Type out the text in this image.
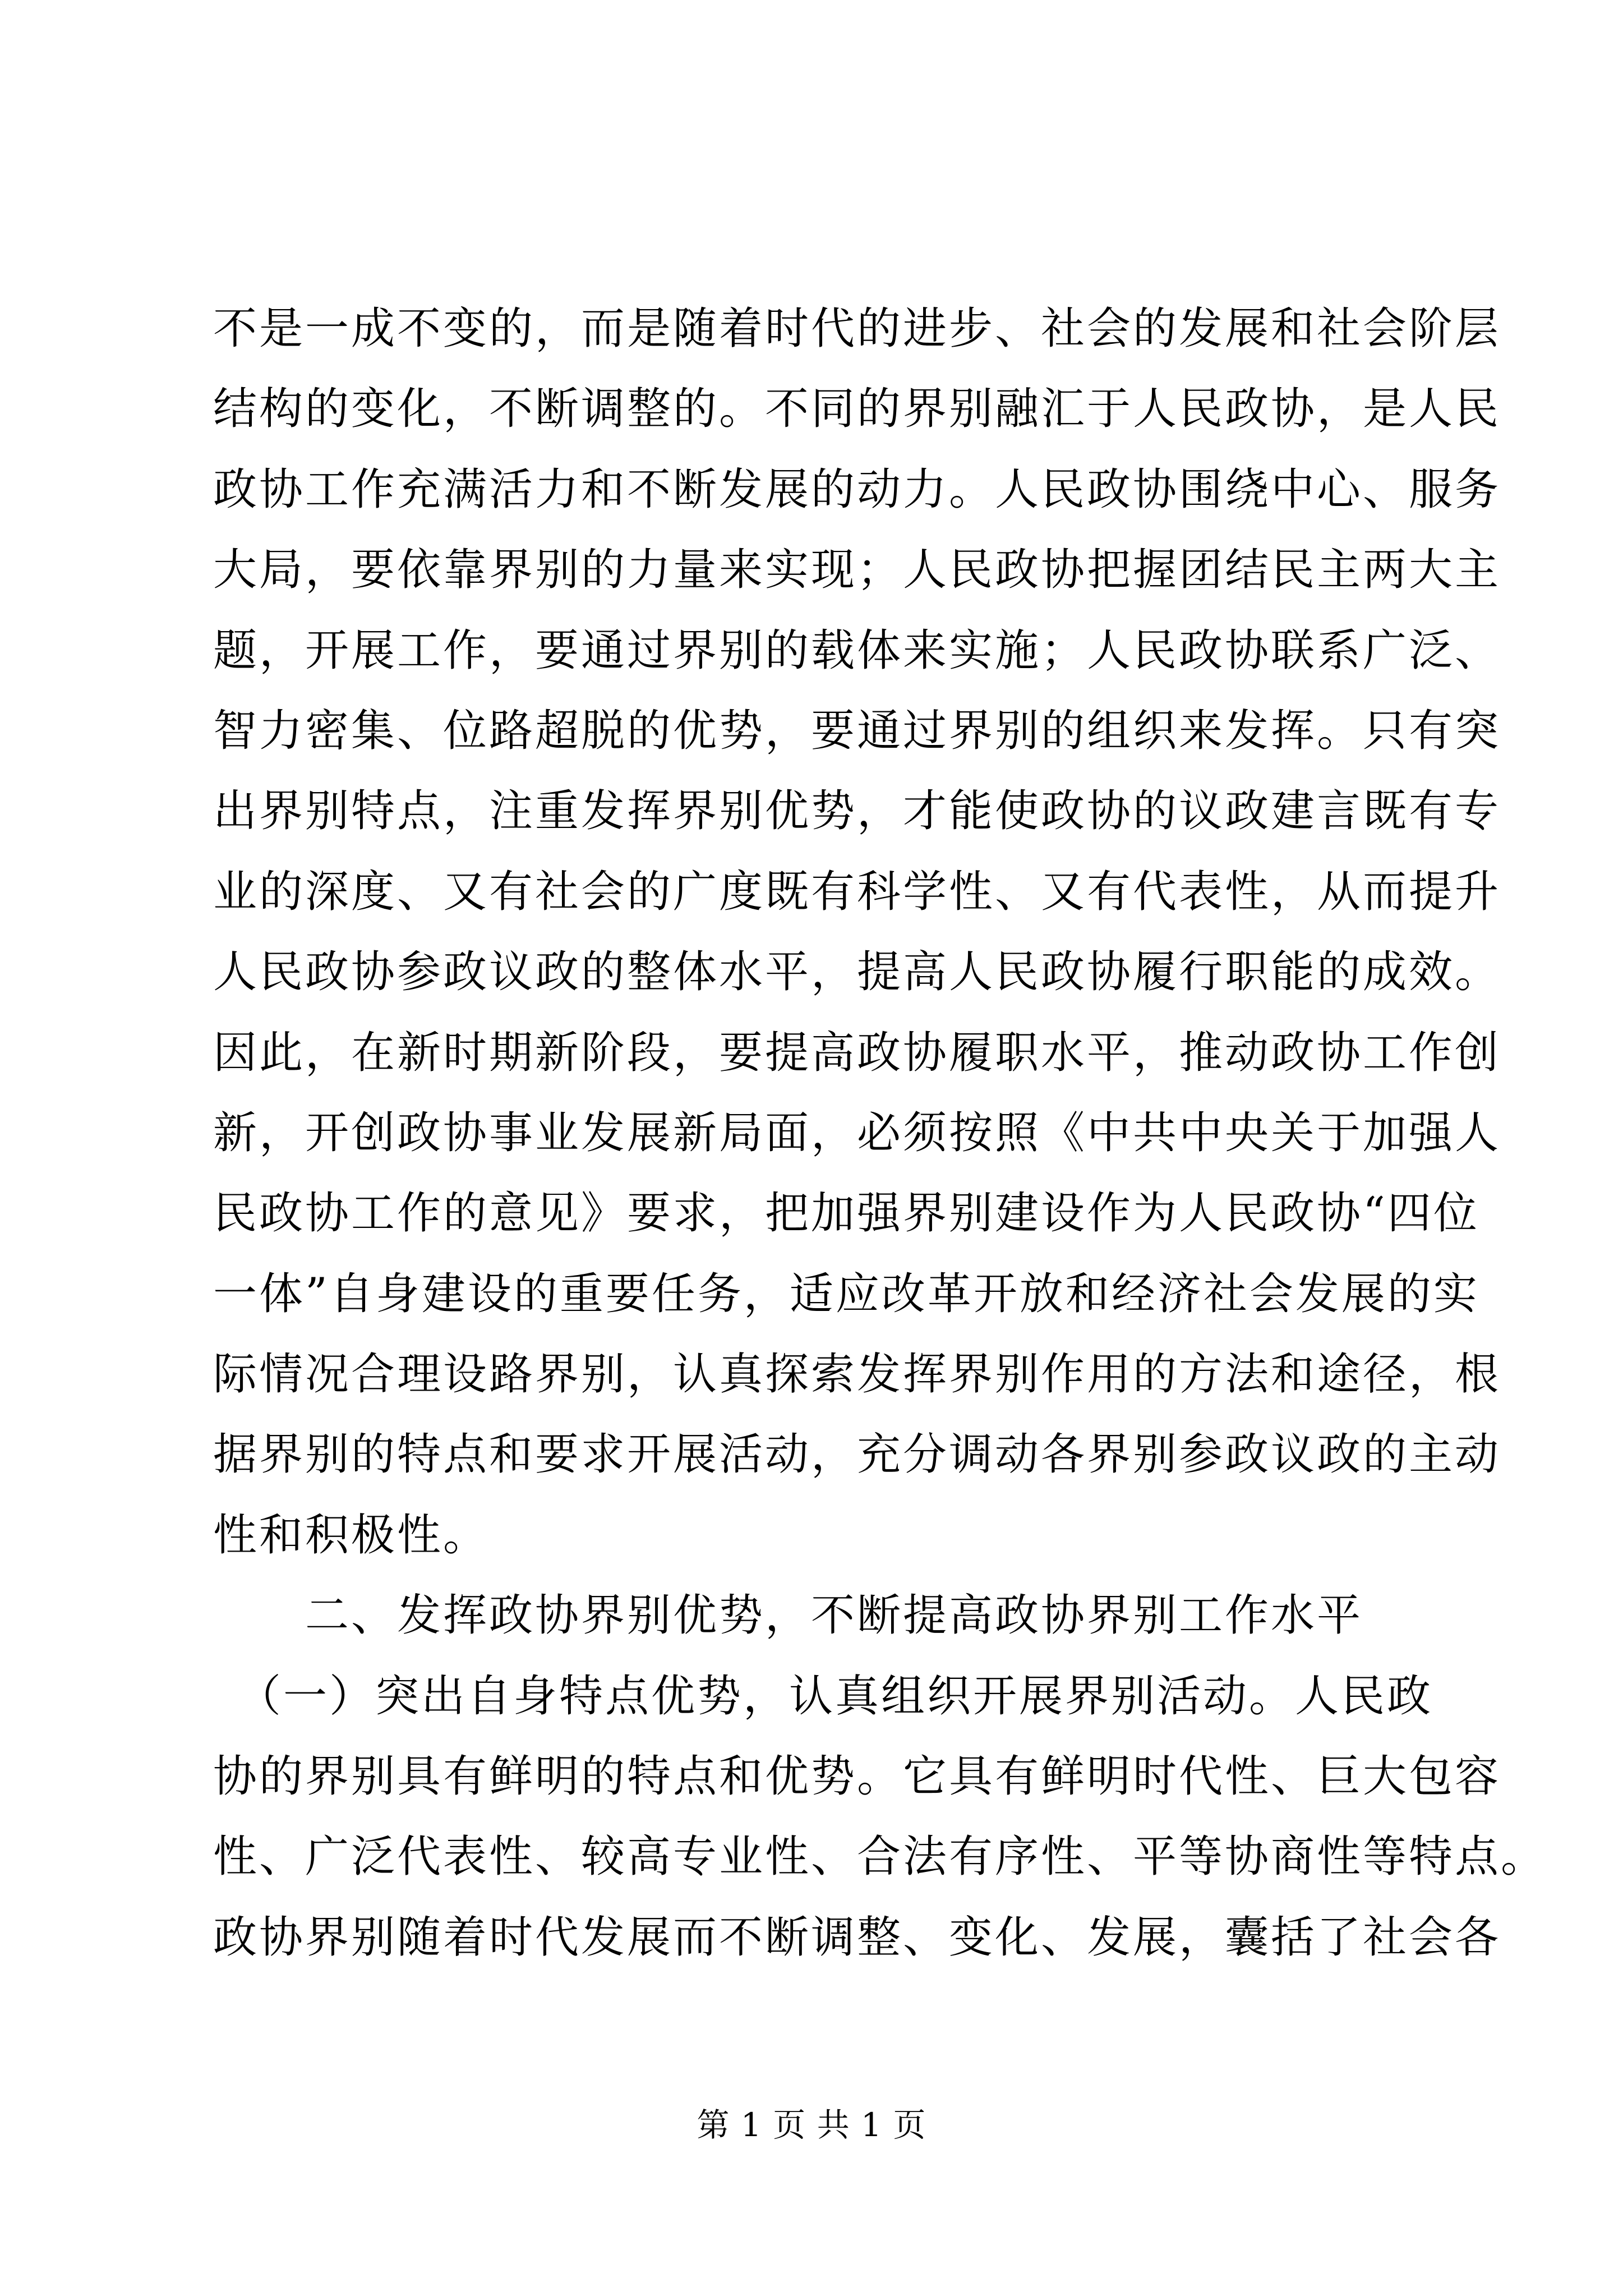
不是一成不变的，而是随着时代的进步、社会的发展和社会阶层
结构的变化，不断调整的。不同的界别融汇于人民政协，是人民
政协工作充满活力和不断发展的动力。人民政协围绕中心、服务
大局，要依靠界别的力量来实现；人民政协把握团结民主两大主
题，开展工作，要通过界别的载体来实施；人民政协联系广泛、
智力密集、位路超脱的优势，要通过界别的组织来发挥。只有突
出界别特点，注重发挥界别优势，才能使政协的议政建言既有专
业的深度、又有社会的广度既有科学性、又有代表性，从而提升
人民政协参政议政的整体水平，提高人民政协履行职能的成效。
因此，在新时期新阶段，要提高政协履职水平，推动政协工作创
新，开创政协事业发展新局面，必须按照《中共中央关于加强人
民政协工作的意见》要求，把加强界别建设作为人民政协“四位
一体”自身建设的重要任务，适应改革开放和经济社会发展的实
际情况合理设路界别，认真探索发挥界别作用的方法和途径，根
据界别的特点和要求开展活动，充分调动各界别参政议政的主动
性和积极性。
　　二、发挥政协界别优势，不断提高政协界别工作水平
　（一）突出自身特点优势，认真组织开展界别活动。人民政
协的界别具有鲜明的特点和优势。它具有鲜明时代性、巨大包容
性、广泛代表性、较高专业性、合法有序性、平等协商性等特点。
政协界别随着时代发展而不断调整、变化、发展，囊括了社会各
第 1 页 共 1 页
